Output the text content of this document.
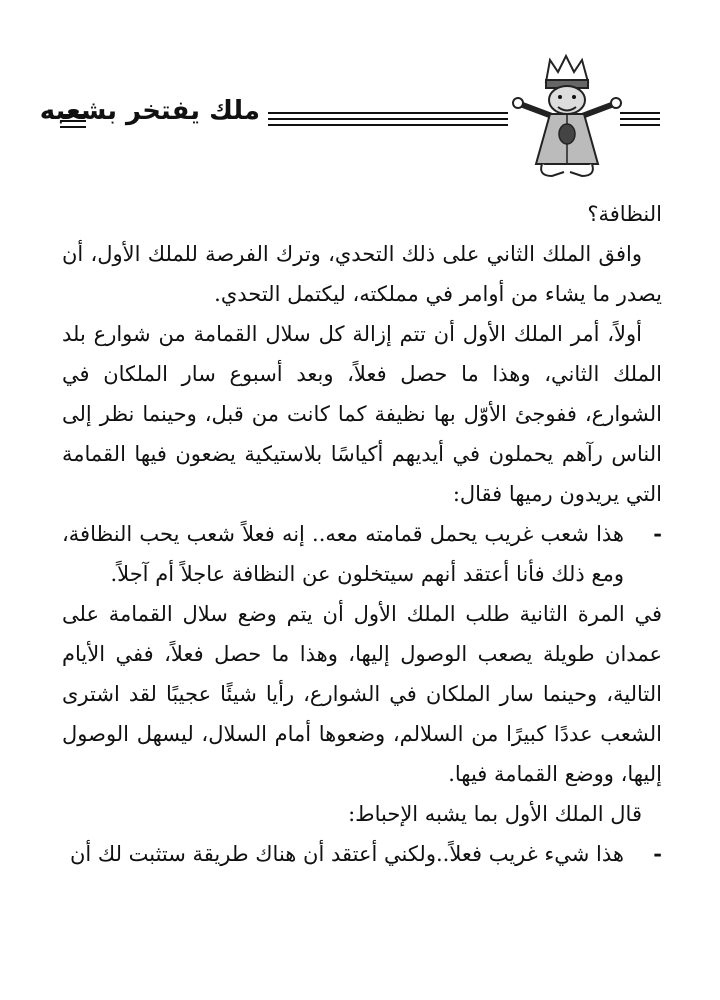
ملك يفتخر بشعبه

النظافة؟

وافق الملك الثاني على ذلك التحدي، وترك الفرصة للملك الأول، أن يصدر ما يشاء من أوامر في مملكته، ليكتمل التحدي.

أولاً، أمر الملك الأول أن تتم إزالة كل سلال القمامة من شوارع بلد الملك الثاني، وهذا ما حصل فعلاً، وبعد أسبوع سار الملكان في الشوارع، ففوجئ الأوّل بها نظيفة كما كانت من قبل، وحينما نظر إلى الناس رآهم يحملون في أيديهم أكياسًا بلاستيكية يضعون فيها القمامة التي يريدون رميها فقال:

-
هذا شعب غريب يحمل قمامته معه.. إنه فعلاً شعب يحب النظافة، ومع ذلك فأنا أعتقد أنهم سيتخلون عن النظافة عاجلاً أم آجلاً.

في المرة الثانية طلب الملك الأول أن يتم وضع سلال القمامة على عمدان طويلة يصعب الوصول إليها، وهذا ما حصل فعلاً، ففي الأيام التالية، وحينما سار الملكان في الشوارع، رأيا شيئًا عجيبًا لقد اشترى الشعب عددًا كبيرًا من السلالم، وضعوها أمام السلال، ليسهل الوصول إليها، ووضع القمامة فيها.

قال الملك الأول بما يشبه الإحباط:

-
هذا شيء غريب فعلاً..ولكني أعتقد أن هناك طريقة ستثبت لك أن
